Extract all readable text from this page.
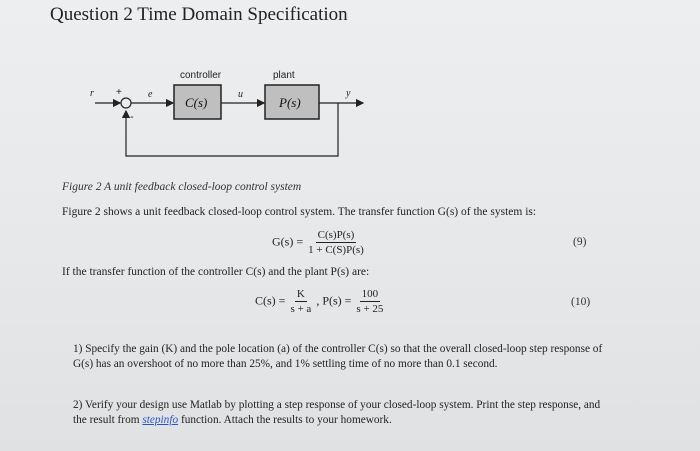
Question 2 Time Domain Specification
controller	plant
r +
-
e
C(s)
u
P(s)
y
Figure 2 A unit feedback closed-loop control system
Figure 2 shows a unit feedback closed-loop control system. The transfer function G(s) of the system is:
$G(s) = \frac{C(s)P(s)}{1 + C(S)P(s)}$	(9)
If the transfer function of the controller C(s) and the plant P(s) are:
$C(s) = \frac{K}{s + a}$ , $P(s) = \frac{100}{s + 25}$	(10)
1) Specify the gain (K) and the pole location (a) of the controller C(s) so that the overall closed-loop step response of G(s) has an overshoot of no more than 25%, and 1% settling time of no more than 0.1 second.
2) Verify your design use Matlab by plotting a step response of your closed-loop system. Print the step response, and the result from stepinfo function. Attach the results to your homework.
